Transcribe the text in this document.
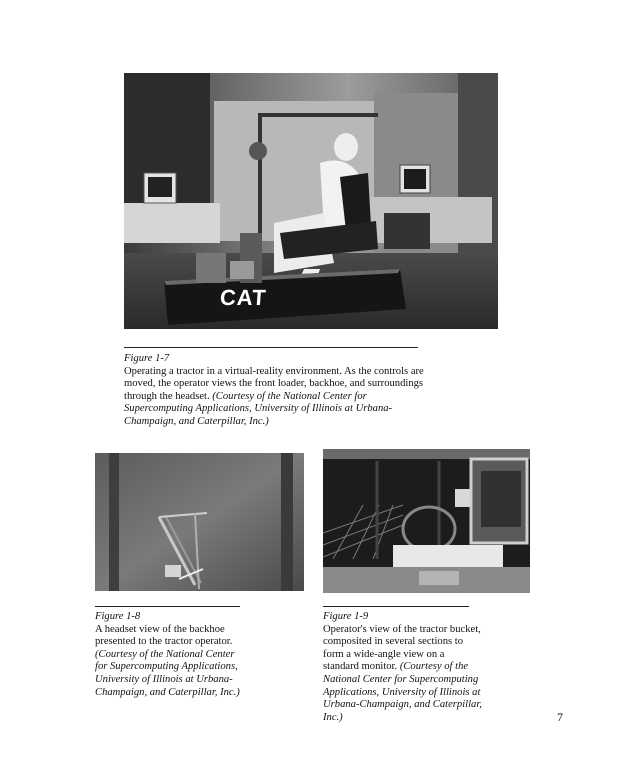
CAT
Figure 1-7
Operating a tractor in a virtual-reality environment. As the controls are moved, the operator views the front loader, backhoe, and surroundings through the headset. (Courtesy of the National Center for Supercomputing Applications, University of Illinois at Urbana-Champaign, and Caterpillar, Inc.)
Figure 1-8
A headset view of the backhoe presented to the tractor operator. (Courtesy of the National Center for Supercomputing Applications, University of Illinois at Urbana-Champaign, and Caterpillar, Inc.)
Figure 1-9
Operator's view of the tractor bucket, composited in several sections to form a wide-angle view on a standard monitor. (Courtesy of the National Center for Supercomputing Applications, University of Illinois at Urbana-Champaign, and Caterpillar, Inc.)	7
